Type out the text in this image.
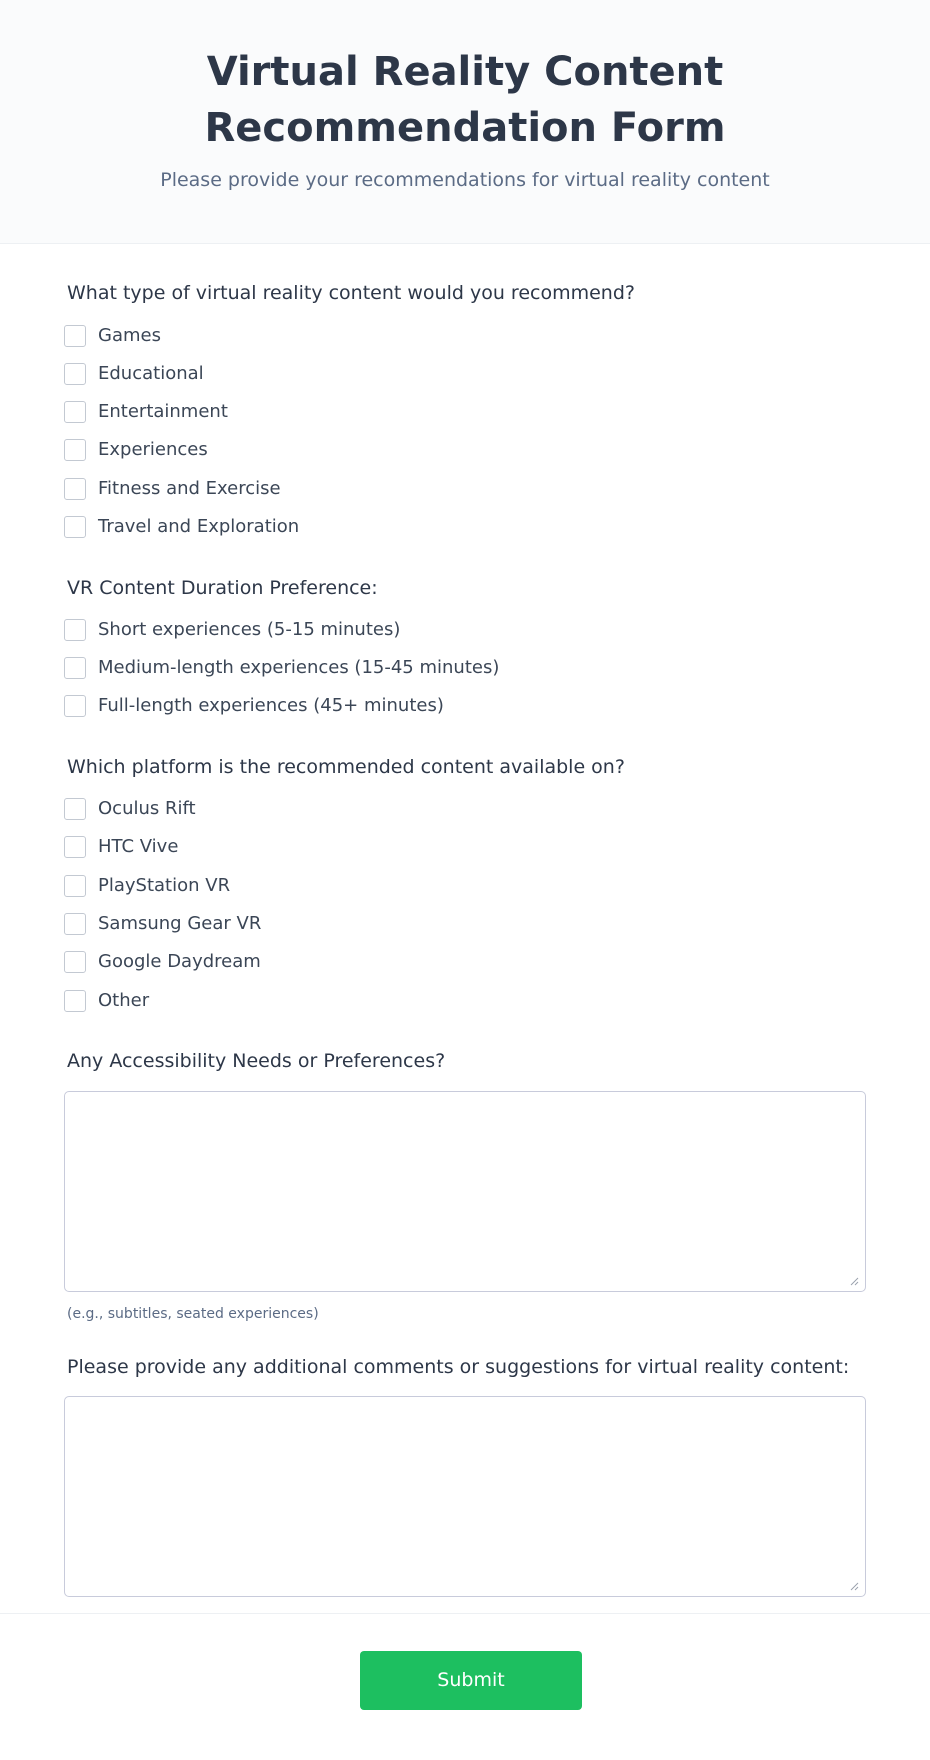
Virtual Reality Content Recommendation Form
Please provide your recommendations for virtual reality content
What type of virtual reality content would you recommend?
Games
Educational
Entertainment
Experiences
Fitness and Exercise
Travel and Exploration
VR Content Duration Preference:
Short experiences (5-15 minutes)
Medium-length experiences (15-45 minutes)
Full-length experiences (45+ minutes)
Which platform is the recommended content available on?
Oculus Rift
HTC Vive
PlayStation VR
Samsung Gear VR
Google Daydream
Other
Any Accessibility Needs or Preferences?
(e.g., subtitles, seated experiences)
Please provide any additional comments or suggestions for virtual reality content:
Submit
